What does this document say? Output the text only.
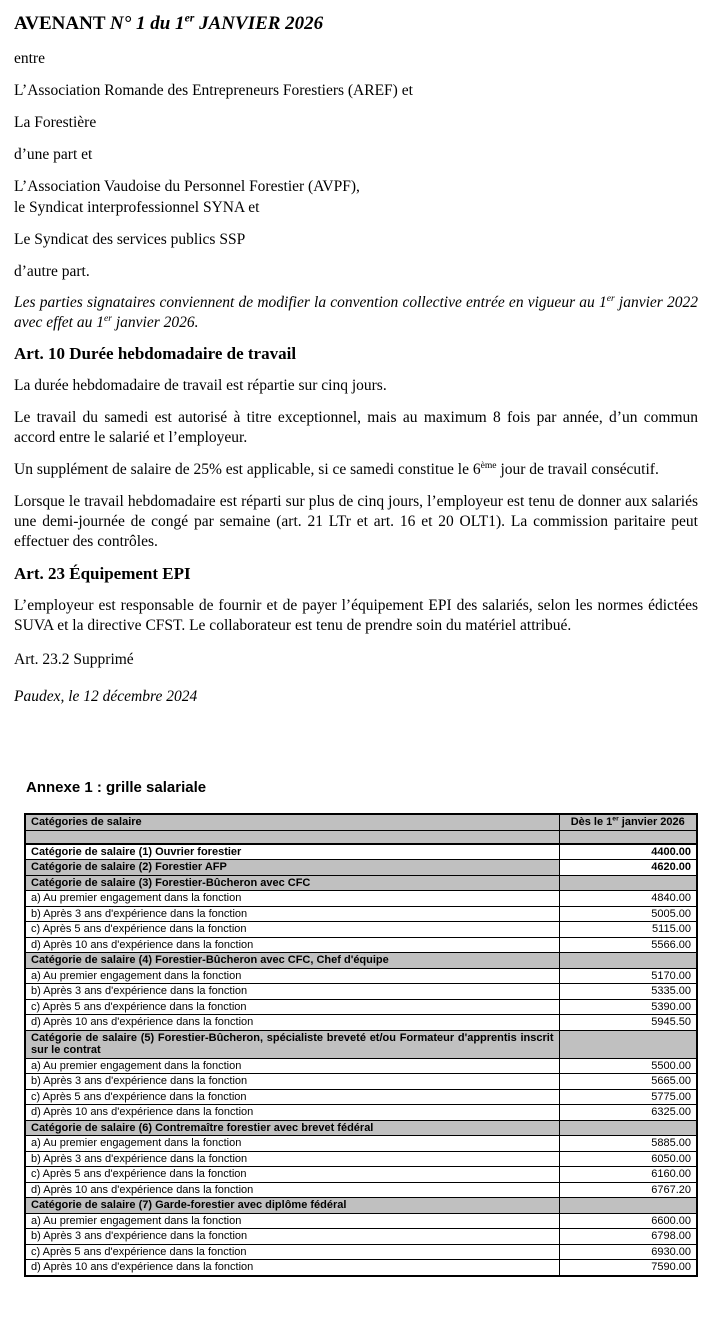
AVENANT N° 1 du 1er JANVIER 2026

entre

L’Association Romande des Entrepreneurs Forestiers (AREF) et

La Forestière

d’une part et

L’Association Vaudoise du Personnel Forestier (AVPF),
le Syndicat interprofessionnel SYNA et

Le Syndicat des services publics SSP

d’autre part.

Les parties signataires conviennent de modifier la convention collective entrée en vigueur au 1er janvier 2022 avec effet au 1er janvier 2026.

Art. 10 Durée hebdomadaire de travail

La durée hebdomadaire de travail est répartie sur cinq jours.

Le travail du samedi est autorisé à titre exceptionnel, mais au maximum 8 fois par année, d’un commun accord entre le salarié et l’employeur.

Un supplément de salaire de 25% est applicable, si ce samedi constitue le 6ème jour de travail consécutif.

Lorsque le travail hebdomadaire est réparti sur plus de cinq jours, l’employeur est tenu de donner aux salariés une demi-journée de congé par semaine (art. 21 LTr et art. 16 et 20 OLT1). La commission paritaire peut effectuer des contrôles.

Art. 23 Équipement EPI

L’employeur est responsable de fournir et de payer l’équipement EPI des salariés, selon les normes édictées SUVA et la directive CFST. Le collaborateur est tenu de prendre soin du matériel attribué.

Art. 23.2 Supprimé

Paudex, le 12 décembre 2024

Annexe 1 : grille salariale
Catégories de salaire	Dès le 1er janvier 2026

Catégorie de salaire (1) Ouvrier forestier	4400.00
Catégorie de salaire (2) Forestier AFP	4620.00
Catégorie de salaire (3) Forestier-Bûcheron avec CFC	
a) Au premier engagement dans la fonction	4840.00
b) Après 3 ans d'expérience dans la fonction	5005.00
c) Après 5 ans d'expérience dans la fonction	5115.00
d) Après 10 ans d'expérience dans la fonction	5566.00
Catégorie de salaire (4) Forestier-Bûcheron avec CFC, Chef d'équipe	
a) Au premier engagement dans la fonction	5170.00
b) Après 3 ans d'expérience dans la fonction	5335.00
c) Après 5 ans d'expérience dans la fonction	5390.00
d) Après 10 ans d'expérience dans la fonction	5945.50
Catégorie de salaire (5) Forestier-Bûcheron, spécialiste breveté et/ou Formateur d'apprentis inscrit sur le contrat	
a) Au premier engagement dans la fonction	5500.00
b) Après 3 ans d'expérience dans la fonction	5665.00
c) Après 5 ans d'expérience dans la fonction	5775.00
d) Après 10 ans d'expérience dans la fonction	6325.00
Catégorie de salaire (6) Contremaître forestier avec brevet fédéral	
a) Au premier engagement dans la fonction	5885.00
b) Après 3 ans d'expérience dans la fonction	6050.00
c) Après 5 ans d'expérience dans la fonction	6160.00
d) Après 10 ans d'expérience dans la fonction	6767.20
Catégorie de salaire (7) Garde-forestier avec diplôme fédéral	
a) Au premier engagement dans la fonction	6600.00
b) Après 3 ans d'expérience dans la fonction	6798.00
c) Après 5 ans d'expérience dans la fonction	6930.00
d) Après 10 ans d'expérience dans la fonction	7590.00
